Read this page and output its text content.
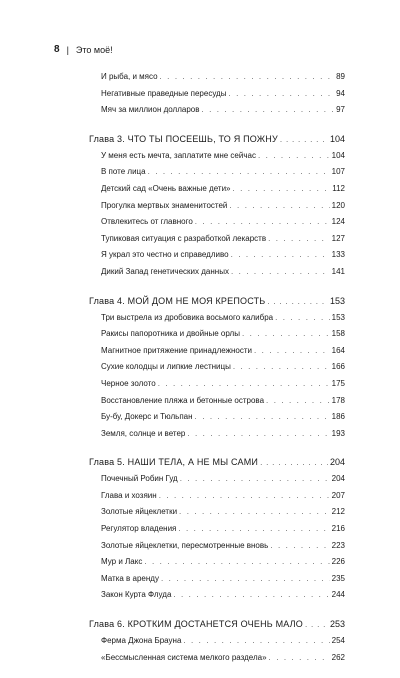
8 | Это моё!
И рыба, и мясо . . .	89
Негативные праведные пересуды . . .	94
Мяч за миллион долларов . . .	97
Глава 3. ЧТО ТЫ ПОСЕЕШЬ, ТО Я ПОЖНУ . . .	104
У меня есть мечта, заплатите мне сейчас . . .	104
В поте лица . . .	107
Детский сад «Очень важные дети» . . .	112
Прогулка мертвых знаменитостей . . .	120
Отвлекитесь от главного . . .	124
Тупиковая ситуация с разработкой лекарств . . .	127
Я украл это честно и справедливо . . .	133
Дикий Запад генетических данных . . .	141
Глава 4. МОЙ ДОМ НЕ МОЯ КРЕПОСТЬ . . .	153
Три выстрела из дробовика восьмого калибра . . .	153
Ракисы папоротника и двойные орлы . . .	158
Магнитное притяжение принадлежности . . .	164
Сухие колодцы и липкие лестницы . . .	166
Черное золото . . .	175
Восстановление пляжа и бетонные острова . . .	178
Бу-бу, Докерс и Тюльпан . . .	186
Земля, солнце и ветер . . .	193
Глава 5. НАШИ ТЕЛА, А НЕ МЫ САМИ . . .	204
Почечный Робин Гуд . . .	204
Глава и хозяин . . .	207
Золотые яйцеклетки . . .	212
Регулятор владения . . .	216
Золотые яйцеклетки, пересмотренные вновь . . .	223
Мур и Лакс . . .	226
Матка в аренду . . .	235
Закон Курта Флуда . . .	244
Глава 6. КРОТКИМ ДОСТАНЕТСЯ ОЧЕНЬ МАЛО . . .	253
Ферма Джона Брауна . . .	254
«Бессмысленная система мелкого раздела» . . .	262
